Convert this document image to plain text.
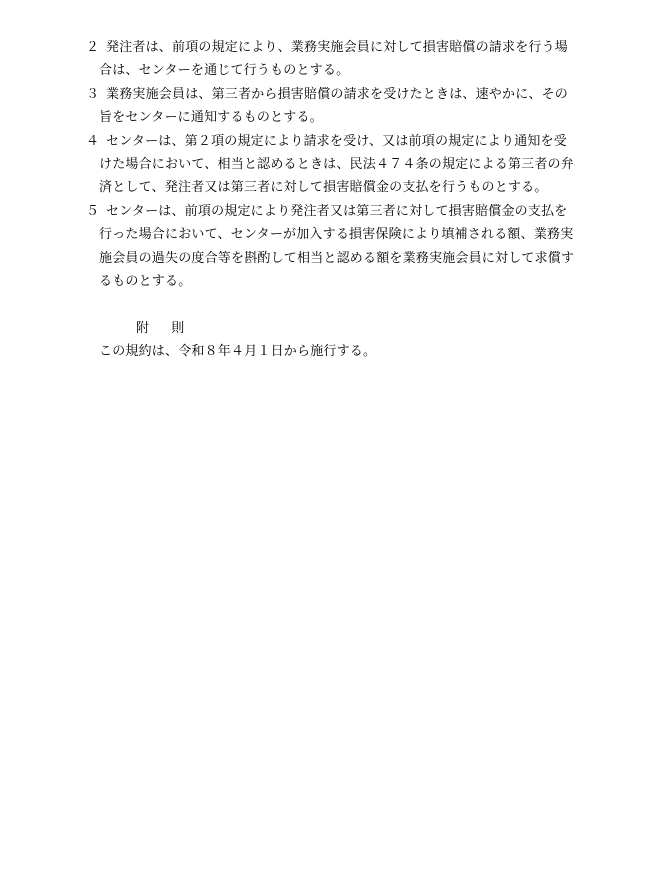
２ 発注者は、前項の規定により、業務実施会員に対して損害賠償の請求を行う場
合は、センターを通じて行うものとする。
３ 業務実施会員は、第三者から損害賠償の請求を受けたときは、速やかに、その
旨をセンターに通知するものとする。
４ センターは、第２項の規定により請求を受け、又は前項の規定により通知を受
けた場合において、相当と認めるときは、民法４７４条の規定による第三者の弁
済として、発注者又は第三者に対して損害賠償金の支払を行うものとする。
５ センターは、前項の規定により発注者又は第三者に対して損害賠償金の支払を
行った場合において、センターが加入する損害保険により填補される額、業務実
施会員の過失の度合等を斟酌して相当と認める額を業務実施会員に対して求償す
るものとする。
附 則
この規約は、令和８年４月１日から施行する。
